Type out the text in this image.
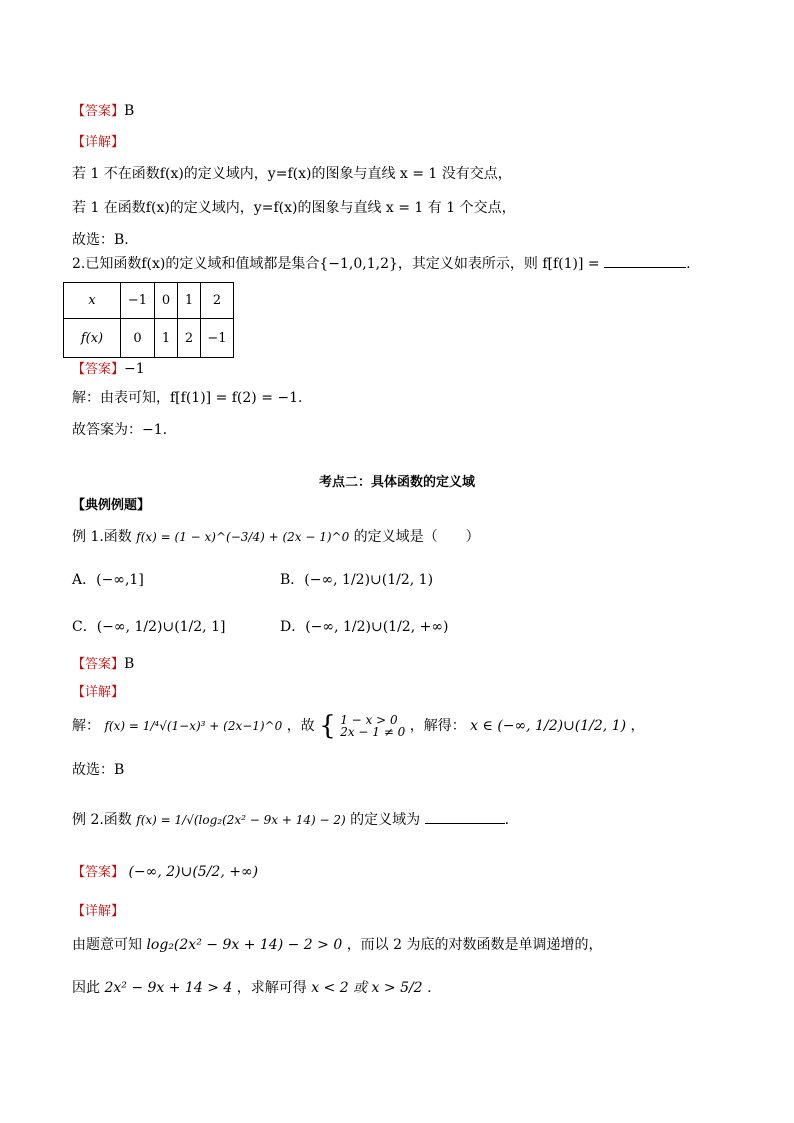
【答案】B
【详解】
若 1 不在函数f(x)的定义域内，y=f(x)的图象与直线 x = 1 没有交点，
若 1 在函数f(x)的定义域内，y=f(x)的图象与直线 x = 1 有 1 个交点，
故选：B.
2.已知函数f(x)的定义域和值域都是集合{−1,0,1,2}，其定义如表所示，则 f[f(1)] =	.
x	−1	0	1	2
f(x)	0	1	2	−1
【答案】−1
解：由表可知，f[f(1)] = f(2) = −1.
故答案为：−1.
考点二：具体函数的定义域
【典例例题】
例 1.函数 f(x) = (1 − x)^(−3/4) + (2x − 1)^0 的定义域是（　　）
A．(−∞,1]	B．(−∞, 1/2)∪(1/2, 1)
C．(−∞, 1/2)∪(1/2, 1]	D．(−∞, 1/2)∪(1/2, +∞)
【答案】B
【详解】
解： f(x) = 1/⁴√(1−x)³ + (2x−1)^0 ，故 { 1 − x > 0
2x − 1 ≠ 0 ，解得： x ∈ (−∞, 1/2)∪(1/2, 1) ，
故选：B
例 2.函数 f(x) = 1/√(log₂(2x² − 9x + 14) − 2) 的定义域为	.
【答案】 (−∞, 2)∪(5/2, +∞)
【详解】
由题意可知 log₂(2x² − 9x + 14) − 2 > 0 ，而以 2 为底的对数函数是单调递增的，
因此 2x² − 9x + 14 > 4 ，求解可得 x < 2 或 x > 5/2 .
